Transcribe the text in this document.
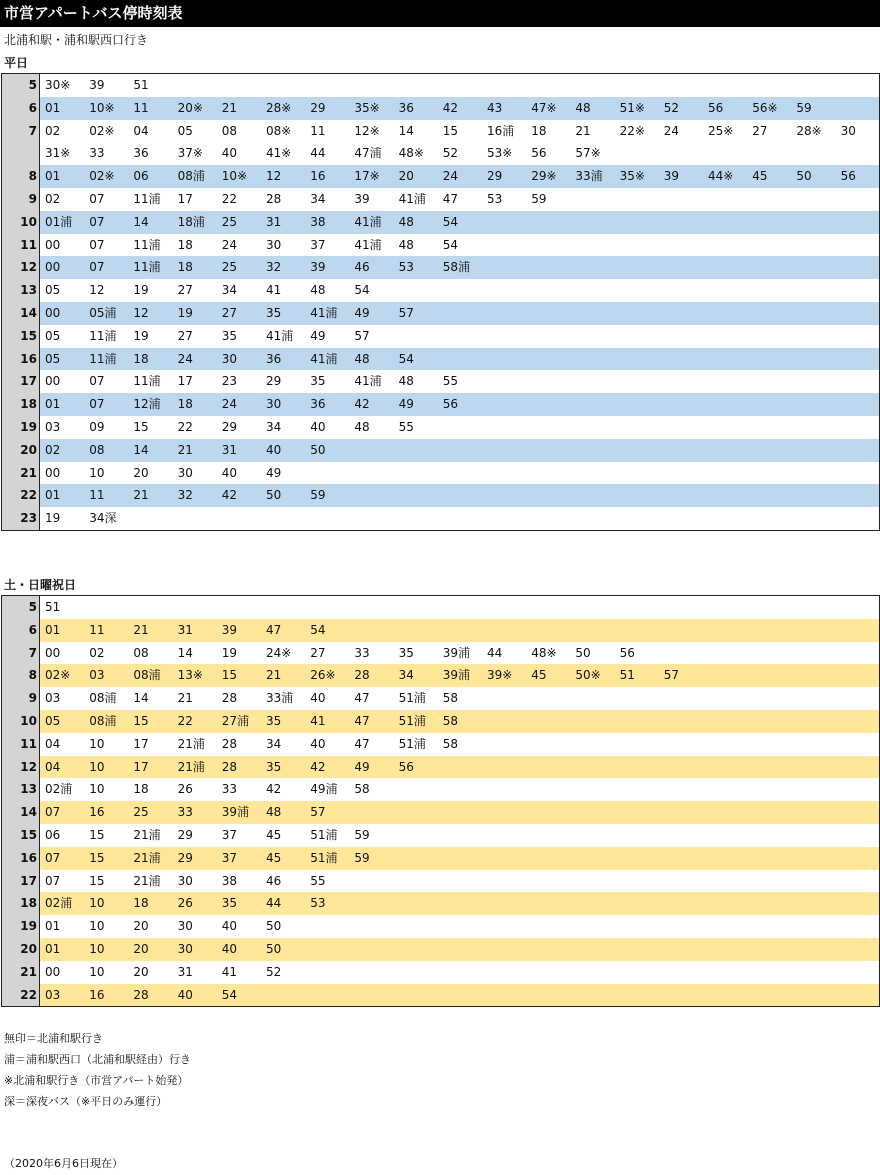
市営アパートバス停時刻表
北浦和駅・浦和駅西口行き
平日
5 30※ 39 51
6 01 10※ 11 20※ 21 28※ 29 35※ 36 42 43 47※ 48 51※ 52 56 56※ 59
7 02 02※ 04 05 08 08※ 11 12※ 14 15 16浦 18 21 22※ 24 25※ 27 28※ 30
31※ 33 36 37※ 40 41※ 44 47浦 48※ 52 53※ 56 57※
8 01 02※ 06 08浦 10※ 12 16 17※ 20 24 29 29※ 33浦 35※ 39 44※ 45 50 56
9 02 07 11浦 17 22 28 34 39 41浦 47 53 59
10 01浦 07 14 18浦 25 31 38 41浦 48 54
11 00 07 11浦 18 24 30 37 41浦 48 54
12 00 07 11浦 18 25 32 39 46 53 58浦
13 05 12 19 27 34 41 48 54
14 00 05浦 12 19 27 35 41浦 49 57
15 05 11浦 19 27 35 41浦 49 57
16 05 11浦 18 24 30 36 41浦 48 54
17 00 07 11浦 17 23 29 35 41浦 48 55
18 01 07 12浦 18 24 30 36 42 49 56
19 03 09 15 22 29 34 40 48 55
20 02 08 14 21 31 40 50
21 00 10 20 30 40 49
22 01 11 21 32 42 50 59
23 19 34深
土・日曜祝日
5 51
6 01 11 21 31 39 47 54
7 00 02 08 14 19 24※ 27 33 35 39浦 44 48※ 50 56
8 02※ 03 08浦 13※ 15 21 26※ 28 34 39浦 39※ 45 50※ 51 57
9 03 08浦 14 21 28 33浦 40 47 51浦 58
10 05 08浦 15 22 27浦 35 41 47 51浦 58
11 04 10 17 21浦 28 34 40 47 51浦 58
12 04 10 17 21浦 28 35 42 49 56
13 02浦 10 18 26 33 42 49浦 58
14 07 16 25 33 39浦 48 57
15 06 15 21浦 29 37 45 51浦 59
16 07 15 21浦 29 37 45 51浦 59
17 07 15 21浦 30 38 46 55
18 02浦 10 18 26 35 44 53
19 01 10 20 30 40 50
20 01 10 20 30 40 50
21 00 10 20 31 41 52
22 03 16 28 40 54
無印＝北浦和駅行き
浦＝浦和駅西口（北浦和駅経由）行き
※北浦和駅行き（市営アパート始発）
深＝深夜バス（※平日のみ運行）
（2020年6月6日現在）
